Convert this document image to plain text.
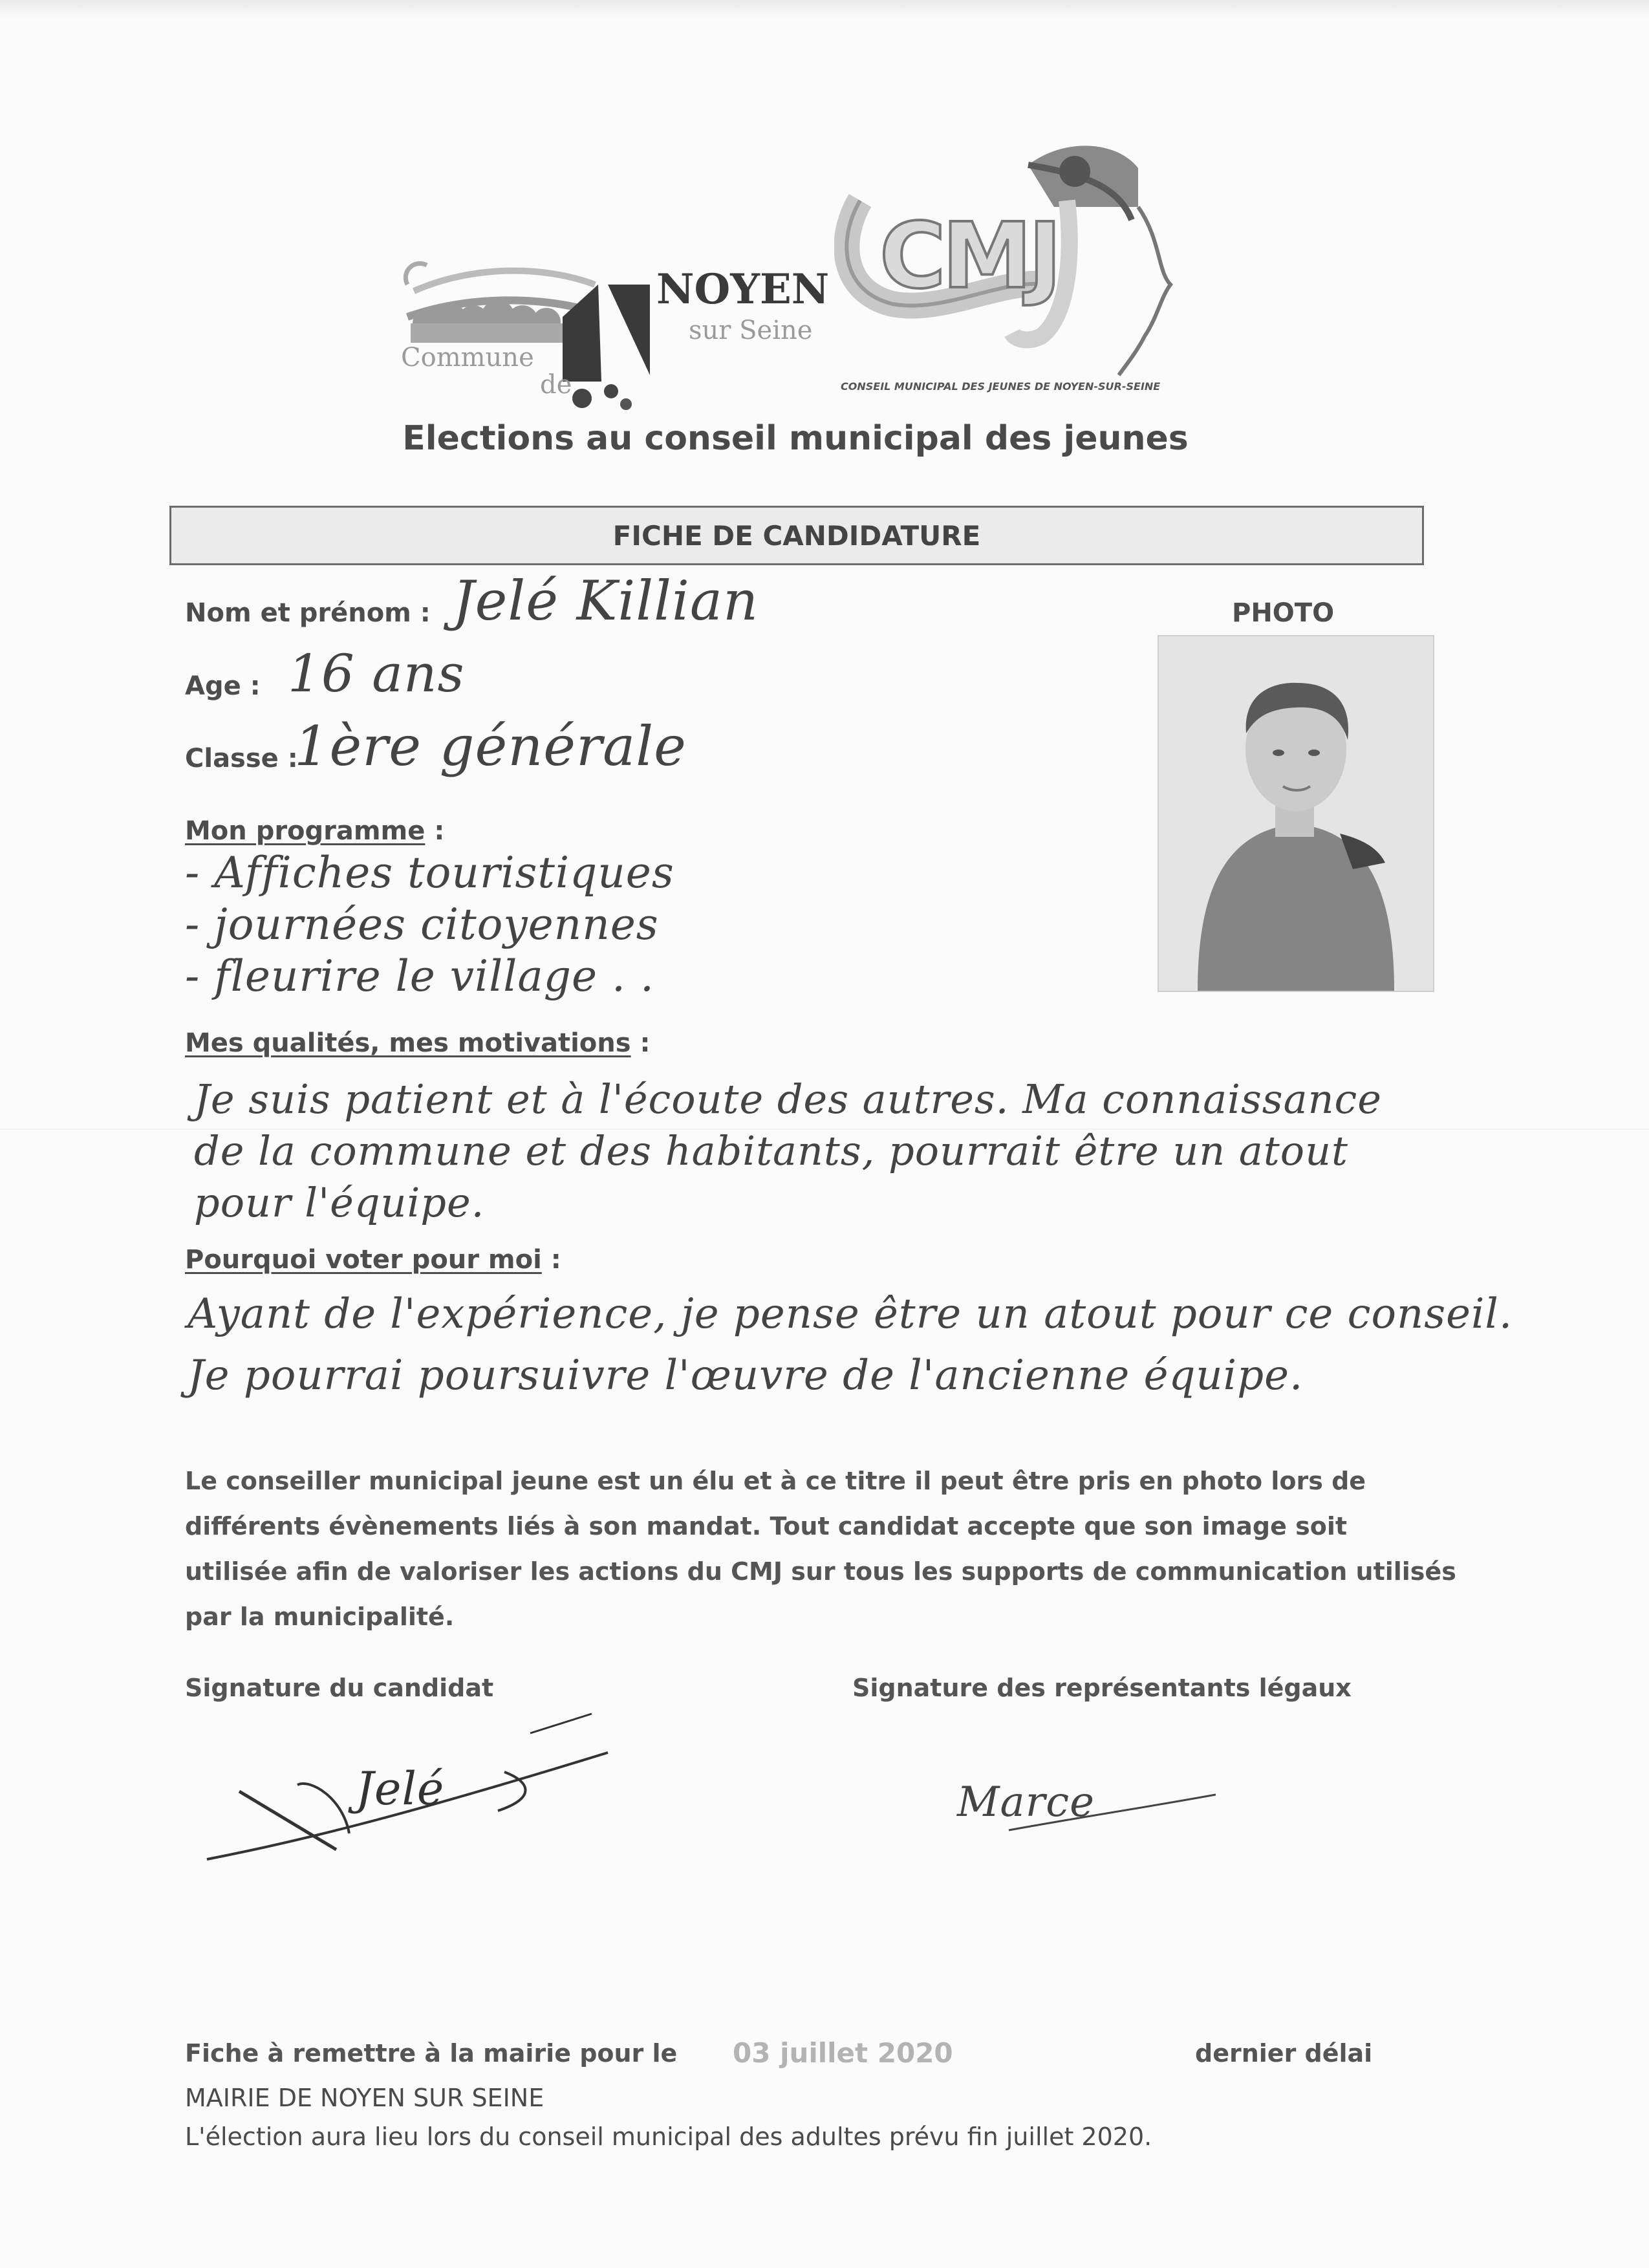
NOYEN
sur Seine
Commune
de
CMJ
CONSEIL MUNICIPAL DES JEUNES DE NOYEN-SUR-SEINE
Elections au conseil municipal des jeunes
FICHE DE CANDIDATURE
Nom et prénom : Jelé Killian
Age : 16 ans
Classe :
1ère générale
PHOTO
Mon programme :
- Affiches touristiques
- journées citoyennes
- fleurire le village . .
Mes qualités, mes motivations :
Je suis patient et à l'écoute des autres. Ma connaissance
de la commune et des habitants, pourrait être un atout
pour l'équipe.
Pourquoi voter pour moi :
Ayant de l'expérience, je pense être un atout pour ce conseil.
Je pourrai poursuivre l'œuvre de l'ancienne équipe.
Le conseiller municipal jeune est un élu et à ce titre il peut être pris en photo lors de
différents évènements liés à son mandat. Tout candidat accepte que son image soit
utilisée afin de valoriser les actions du CMJ sur tous les supports de communication utilisés
par la municipalité.
Signature du candidat	Signature des représentants légaux
Jelé	Marce
Fiche à remettre à la mairie pour le 03 juillet 2020	dernier délai
MAIRIE DE NOYEN SUR SEINE
L'élection aura lieu lors du conseil municipal des adultes prévu fin juillet 2020.
